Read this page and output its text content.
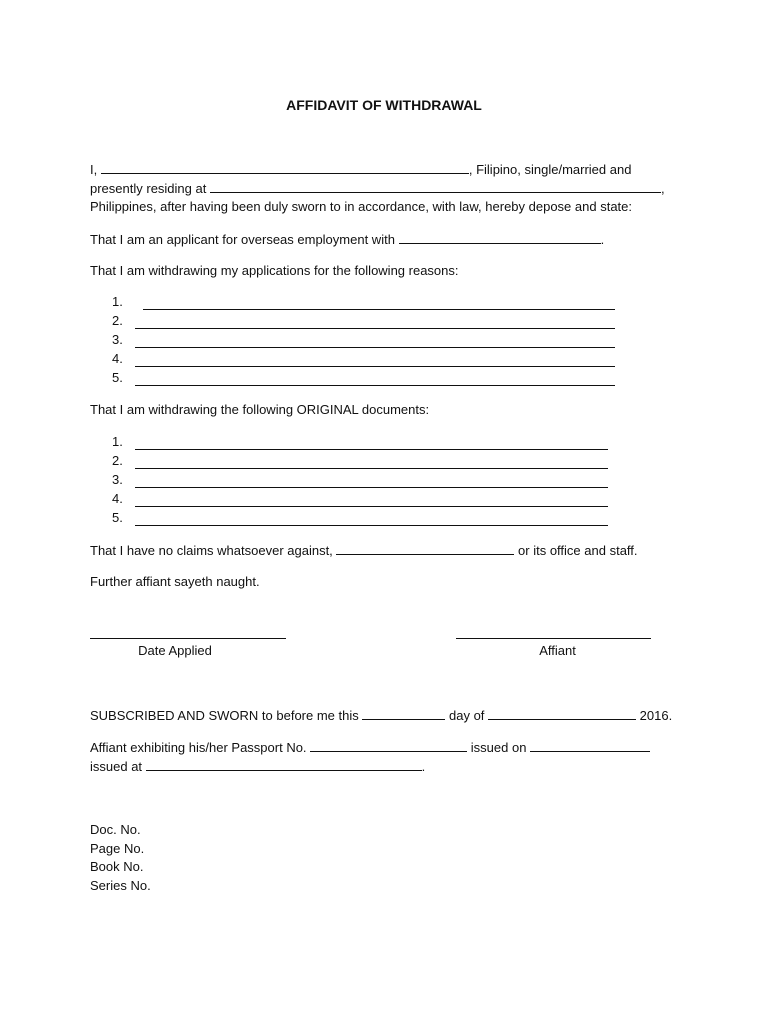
AFFIDAVIT OF WITHDRAWAL
I,	, Filipino, single/married and
presently residing at	,
Philippines, after having been duly sworn to in accordance, with law, hereby depose and state:
That I am an applicant for overseas employment with	.
That I am withdrawing my applications for the following reasons:
1.
2.
3.
4.
5.
That I am withdrawing the following ORIGINAL documents:
1.
2.
3.
4.
5.
That I have no claims whatsoever against,	or its office and staff.
Further affiant sayeth naught.
Date Applied	Affiant
SUBSCRIBED AND SWORN to before me this	day of	2016.
Affiant exhibiting his/her Passport No.	issued on
issued at	.
Doc. No.
Page No.
Book No.
Series No.
